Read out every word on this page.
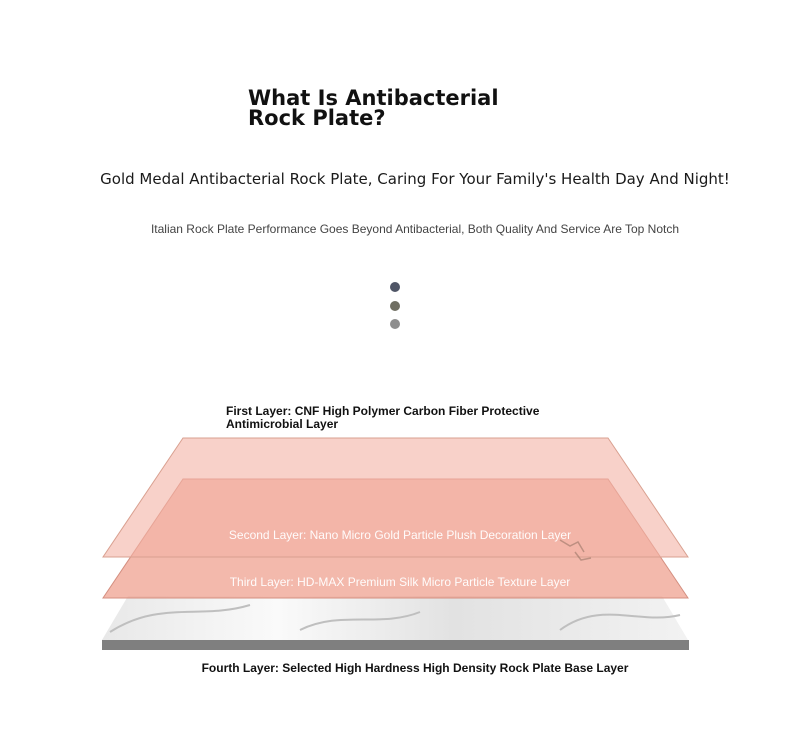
What Is Antibacterial Rock Plate?
Gold Medal Antibacterial Rock Plate, Caring For Your Family's Health Day And Night!
Italian Rock Plate Performance Goes Beyond Antibacterial, Both Quality And Service Are Top Notch
First Layer: CNF High Polymer Carbon Fiber Protective Antimicrobial Layer
Second Layer: Nano Micro Gold Particle Plush Decoration Layer
Third Layer: HD-MAX Premium Silk Micro Particle Texture Layer
Fourth Layer: Selected High Hardness High Density Rock Plate Base Layer
